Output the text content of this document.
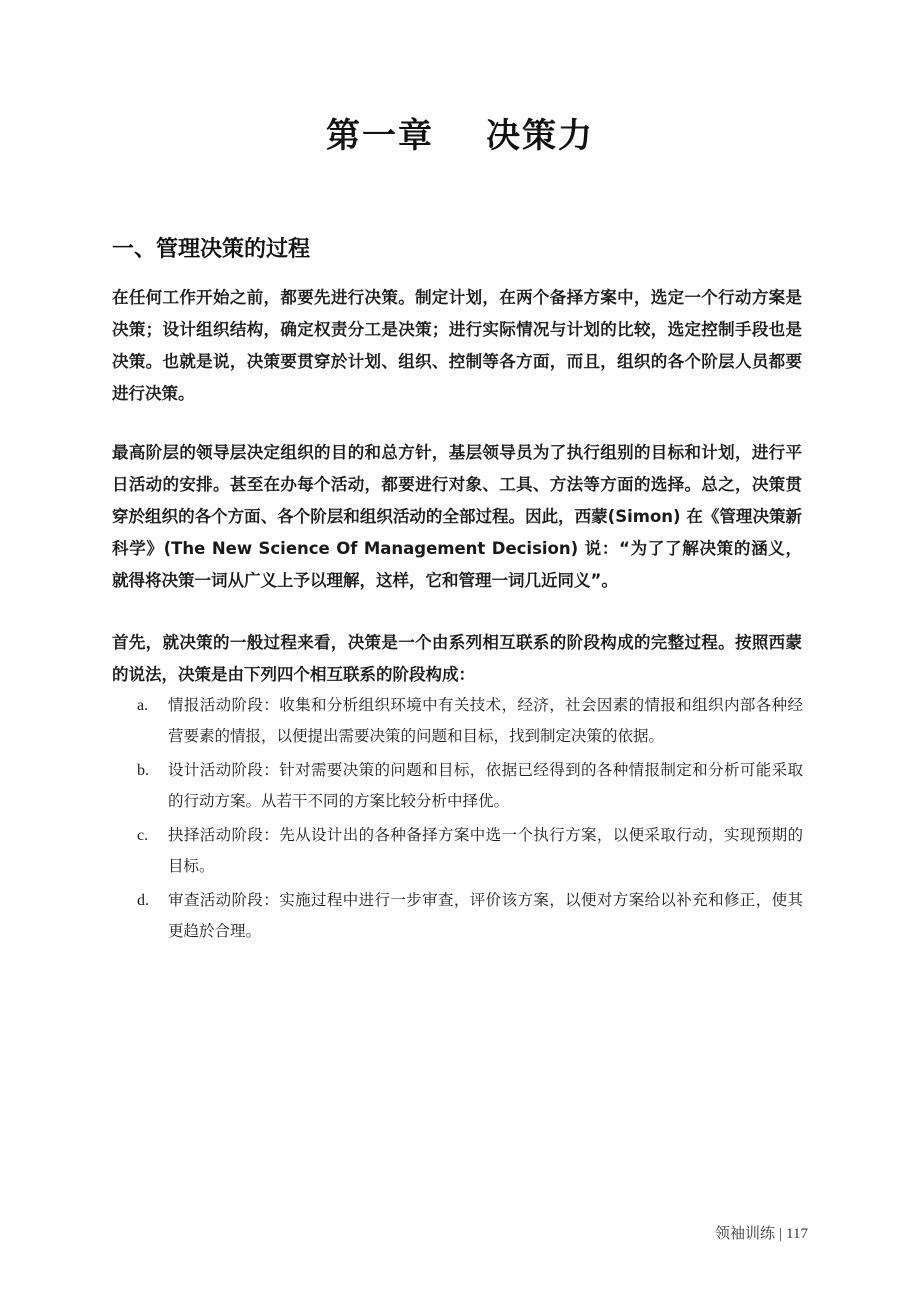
第一章 决策力
一、管理决策的过程

在任何工作开始之前，都要先进行决策。制定计划，在两个备择方案中，选定一个行动方案是决策；设计组织结构，确定权责分工是决策；进行实际情况与计划的比较，选定控制手段也是决策。也就是说，决策要贯穿於计划、组织、控制等各方面，而且，组织的各个阶层人员都要进行决策。

最高阶层的领导层决定组织的目的和总方针，基层领导员为了执行组别的目标和计划，进行平日活动的安排。甚至在办每个活动，都要进行对象、工具、方法等方面的选择。总之，决策贯穿於组织的各个方面、各个阶层和组织活动的全部过程。因此，西蒙(Simon) 在《管理决策新科学》(The New Science Of Management Decision) 说：“为了了解决策的涵义，就得将决策一词从广义上予以理解，这样，它和管理一词几近同义”。

首先，就决策的一般过程来看，决策是一个由系列相互联系的阶段构成的完整过程。按照西蒙的说法，决策是由下列四个相互联系的阶段构成：

a. 情报活动阶段：收集和分析组织环境中有关技术，经济，社会因素的情报和组织内部各种经营要素的情报，以便提出需要决策的问题和目标，找到制定决策的依据。
b. 设计活动阶段：针对需要决策的问题和目标，依据已经得到的各种情报制定和分析可能采取的行动方案。从若干不同的方案比较分析中择优。
c. 抉择活动阶段：先从设计出的各种备择方案中选一个执行方案，以便采取行动，实现预期的目标。
d. 审查活动阶段：实施过程中进行一步审查，评价该方案，以便对方案给以补充和修正，使其更趋於合理。
领袖训练 | 117
